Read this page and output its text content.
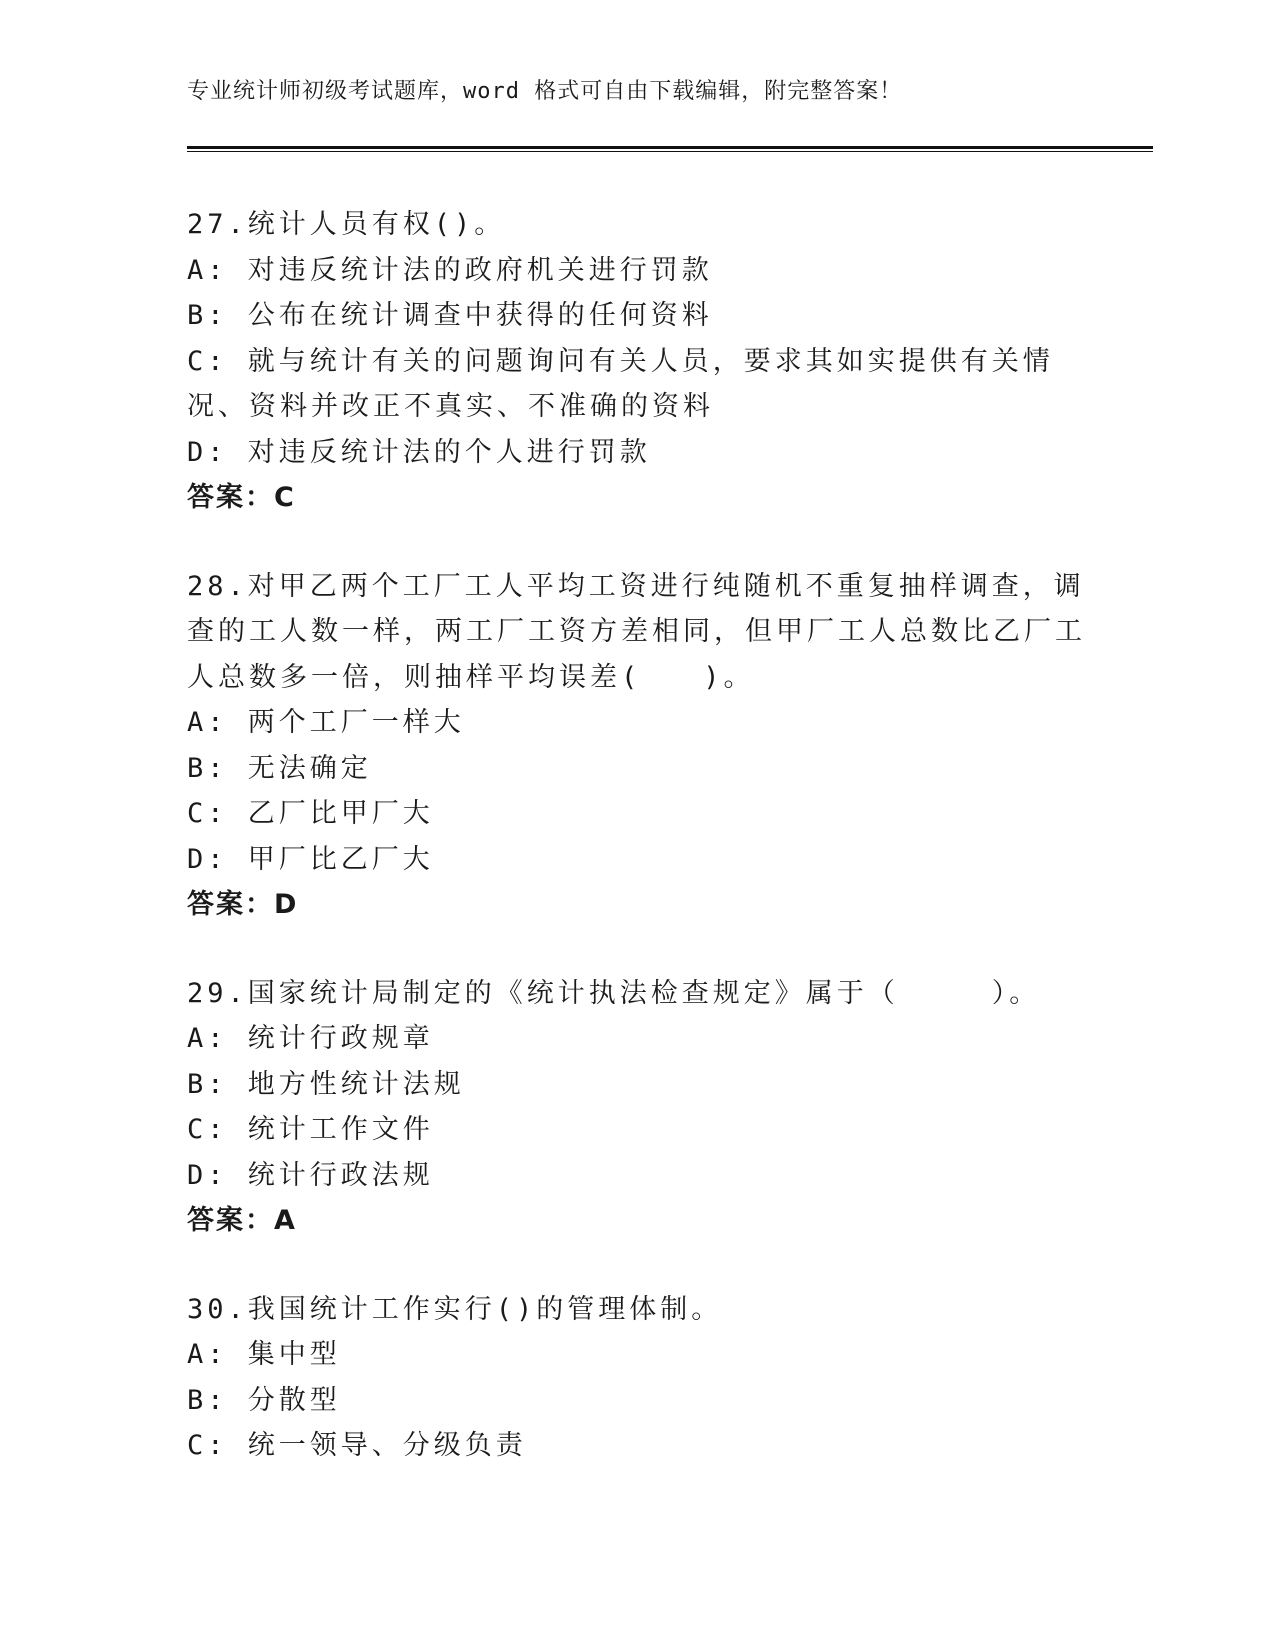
专业统计师初级考试题库，word 格式可自由下载编辑，附完整答案！
27.统计人员有权()。
A: 对违反统计法的政府机关进行罚款
B: 公布在统计调查中获得的任何资料
C: 就与统计有关的问题询问有关人员，要求其如实提供有关情况、资料并改正不真实、不准确的资料
D: 对违反统计法的个人进行罚款
答案：C
28.对甲乙两个工厂工人平均工资进行纯随机不重复抽样调查，调查的工人数一样，两工厂工资方差相同，但甲厂工人总数比乙厂工人总数多一倍，则抽样平均误差(　　)。
A: 两个工厂一样大
B: 无法确定
C: 乙厂比甲厂大
D: 甲厂比乙厂大
答案：D
29.国家统计局制定的《统计执法检查规定》属于（　　　）。
A: 统计行政规章
B: 地方性统计法规
C: 统计工作文件
D: 统计行政法规
答案：A
30.我国统计工作实行()的管理体制。
A: 集中型
B: 分散型
C: 统一领导、分级负责
